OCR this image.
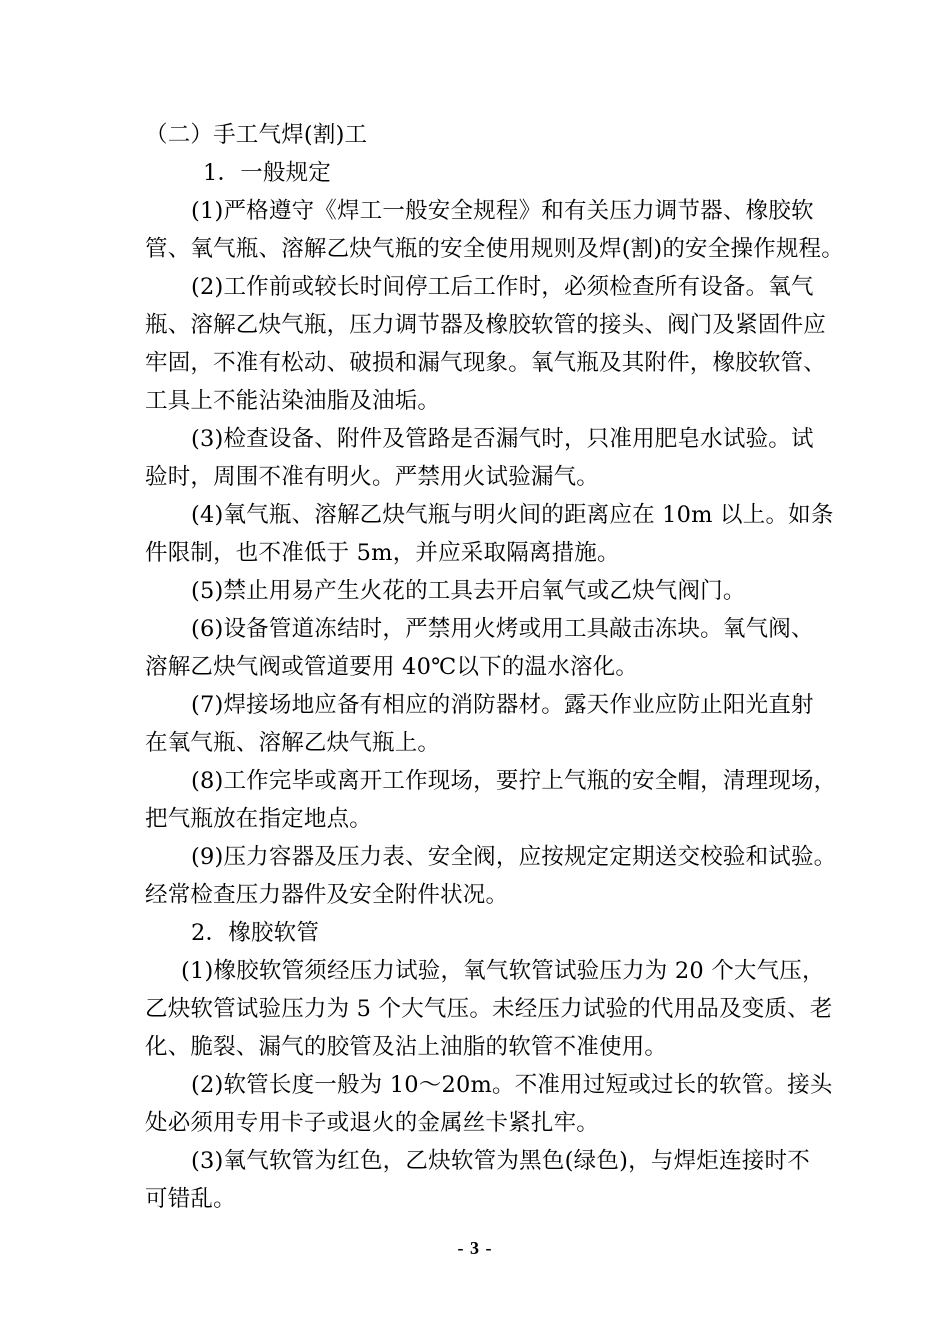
（二）手工气焊(割)工
1．一般规定
(1)严格遵守《焊工一般安全规程》和有关压力调节器、橡胶软
管、氧气瓶、溶解乙炔气瓶的安全使用规则及焊(割)的安全操作规程。
(2)工作前或较长时间停工后工作时，必须检查所有设备。氧气
瓶、溶解乙炔气瓶，压力调节器及橡胶软管的接头、阀门及紧固件应
牢固，不准有松动、破损和漏气现象。氧气瓶及其附件，橡胶软管、
工具上不能沾染油脂及油垢。
(3)检查设备、附件及管路是否漏气时，只准用肥皂水试验。试
验时，周围不准有明火。严禁用火试验漏气。
(4)氧气瓶、溶解乙炔气瓶与明火间的距离应在 10m 以上。如条
件限制，也不准低于 5m，并应采取隔离措施。
(5)禁止用易产生火花的工具去开启氧气或乙炔气阀门。
(6)设备管道冻结时，严禁用火烤或用工具敲击冻块。氧气阀、
溶解乙炔气阀或管道要用 40℃以下的温水溶化。
(7)焊接场地应备有相应的消防器材。露天作业应防止阳光直射
在氧气瓶、溶解乙炔气瓶上。
(8)工作完毕或离开工作现场，要拧上气瓶的安全帽，清理现场，
把气瓶放在指定地点。
(9)压力容器及压力表、安全阀，应按规定定期送交校验和试验。
经常检查压力器件及安全附件状况。
2．橡胶软管
(1)橡胶软管须经压力试验，氧气软管试验压力为 20 个大气压，
乙炔软管试验压力为 5 个大气压。未经压力试验的代用品及变质、老
化、脆裂、漏气的胶管及沾上油脂的软管不准使用。
(2)软管长度一般为 10～20m。不准用过短或过长的软管。接头
处必须用专用卡子或退火的金属丝卡紧扎牢。
(3)氧气软管为红色，乙炔软管为黑色(绿色)，与焊炬连接时不
可错乱。
- 3 -
